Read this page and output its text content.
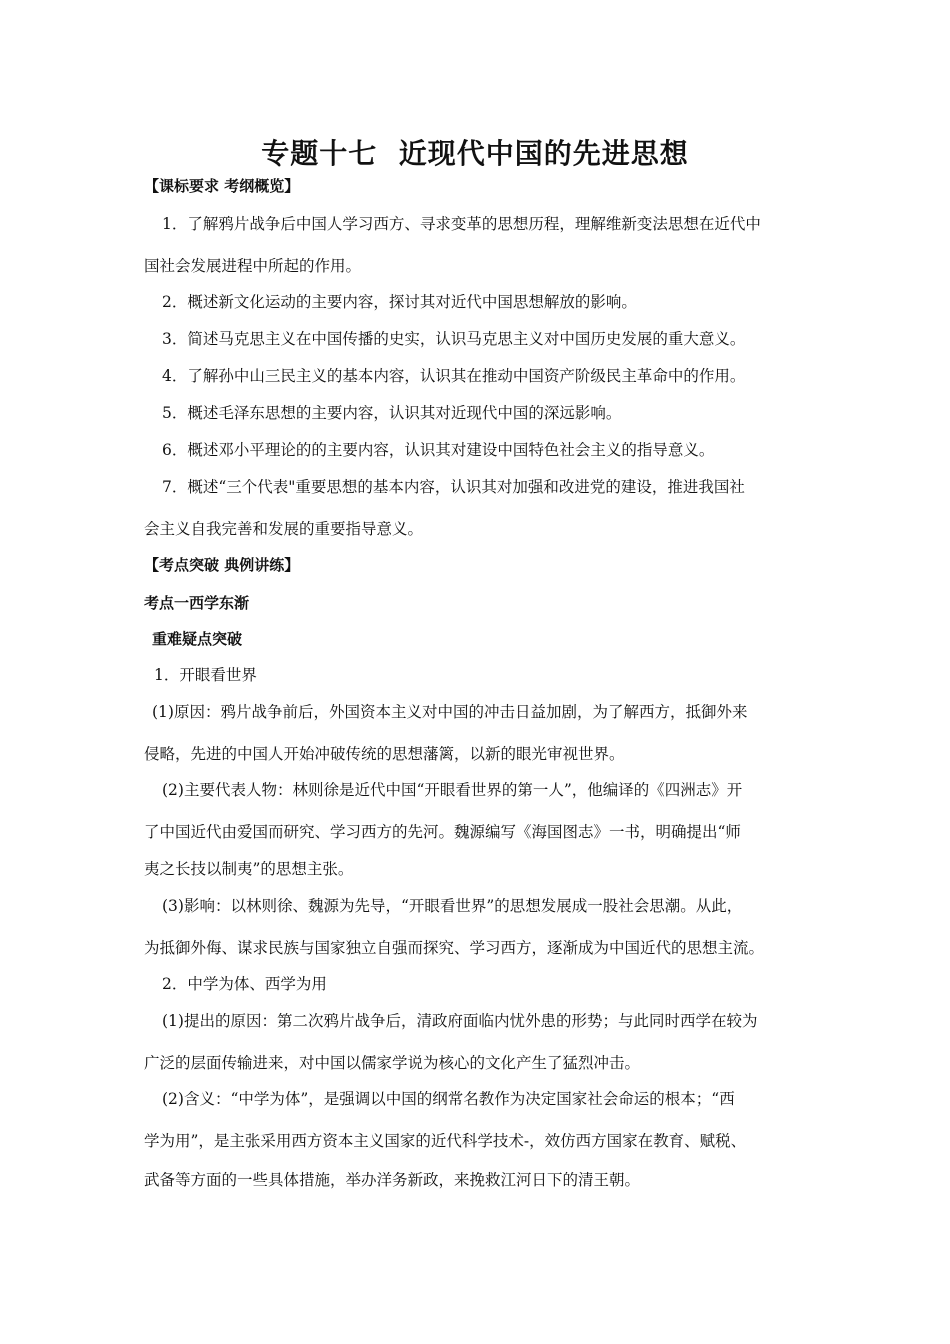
专题十七  近现代中国的先进思想
【课标要求 考纲概览】
1．了解鸦片战争后中国人学习西方、寻求变革的思想历程，理解维新变法思想在近代中
国社会发展进程中所起的作用。
2．概述新文化运动的主要内容，探讨其对近代中国思想解放的影响。
3．简述马克思主义在中国传播的史实，认识马克思主义对中国历史发展的重大意义。
4．了解孙中山三民主义的基本内容，认识其在推动中国资产阶级民主革命中的作用。
5．概述毛泽东思想的主要内容，认识其对近现代中国的深远影响。
6．概述邓小平理论的的主要内容，认识其对建设中国特色社会主义的指导意义。
7．概述“三个代表"重要思想的基本内容，认识其对加强和改进党的建设，推进我国社
会主义自我完善和发展的重要指导意义。
【考点突破 典例讲练】
考点一西学东渐
重难疑点突破
1．开眼看世界
(1)原因：鸦片战争前后，外国资本主义对中国的冲击日益加剧，为了解西方，抵御外来
侵略，先进的中国人开始冲破传统的思想藩篱，以新的眼光审视世界。
(2)主要代表人物：林则徐是近代中国“开眼看世界的第一人”，他编译的《四洲志》开
了中国近代由爱国而研究、学习西方的先河。魏源编写《海国图志》一书，明确提出“师
夷之长技以制夷”的思想主张。
(3)影响：以林则徐、魏源为先导，“开眼看世界”的思想发展成一股社会思潮。从此，
为抵御外侮、谋求民族与国家独立自强而探究、学习西方，逐渐成为中国近代的思想主流。
2．中学为体、西学为用
(1)提出的原因：第二次鸦片战争后，清政府面临内忧外患的形势；与此同时西学在较为
广泛的层面传输进来，对中国以儒家学说为核心的文化产生了猛烈冲击。
(2)含义：“中学为体”，是强调以中国的纲常名教作为决定国家社会命运的根本；“西
学为用”，是主张采用西方资本主义国家的近代科学技术-，效仿西方国家在教育、赋税、
武备等方面的一些具体措施，举办洋务新政，来挽救江河日下的清王朝。
